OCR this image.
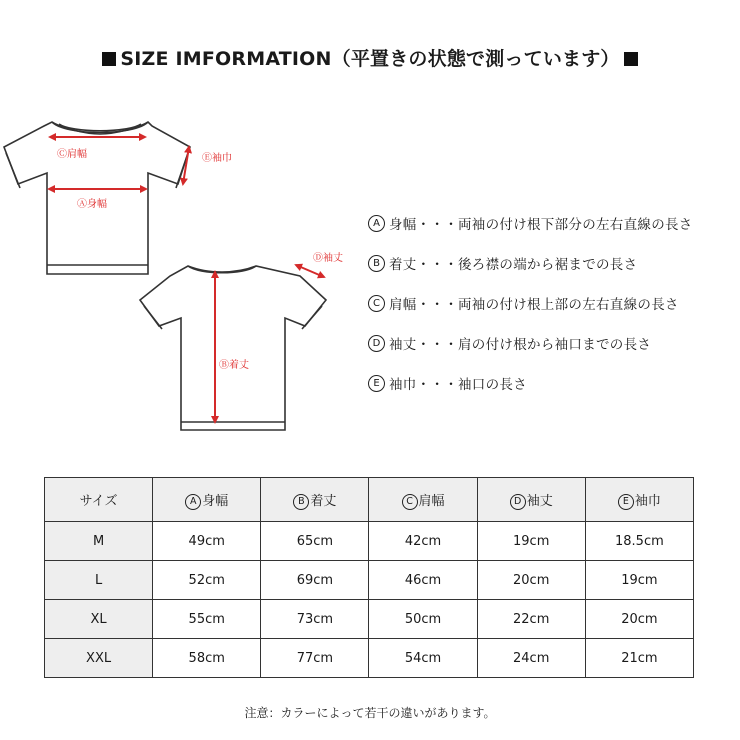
SIZE IMFORMATION（平置きの状態で測っています）
Ⓒ肩幅
Ⓐ身幅
Ⓔ袖巾
Ⓓ袖丈
Ⓑ着丈
A 身幅・・・両袖の付け根下部分の左右直線の長さ
B 着丈・・・後ろ襟の端から裾までの長さ
C 肩幅・・・両袖の付け根上部の左右直線の長さ
D 袖丈・・・肩の付け根から袖口までの長さ
E 袖巾・・・袖口の長さ
サイズ	A 身幅	B 着丈	C 肩幅	D 袖丈	E 袖巾
M	49cm	65cm	42cm	19cm	18.5cm
L	52cm	69cm	46cm	20cm	19cm
XL	55cm	73cm	50cm	22cm	20cm
XXL	58cm	77cm	54cm	24cm	21cm
注意：カラーによって若干の違いがあります。
